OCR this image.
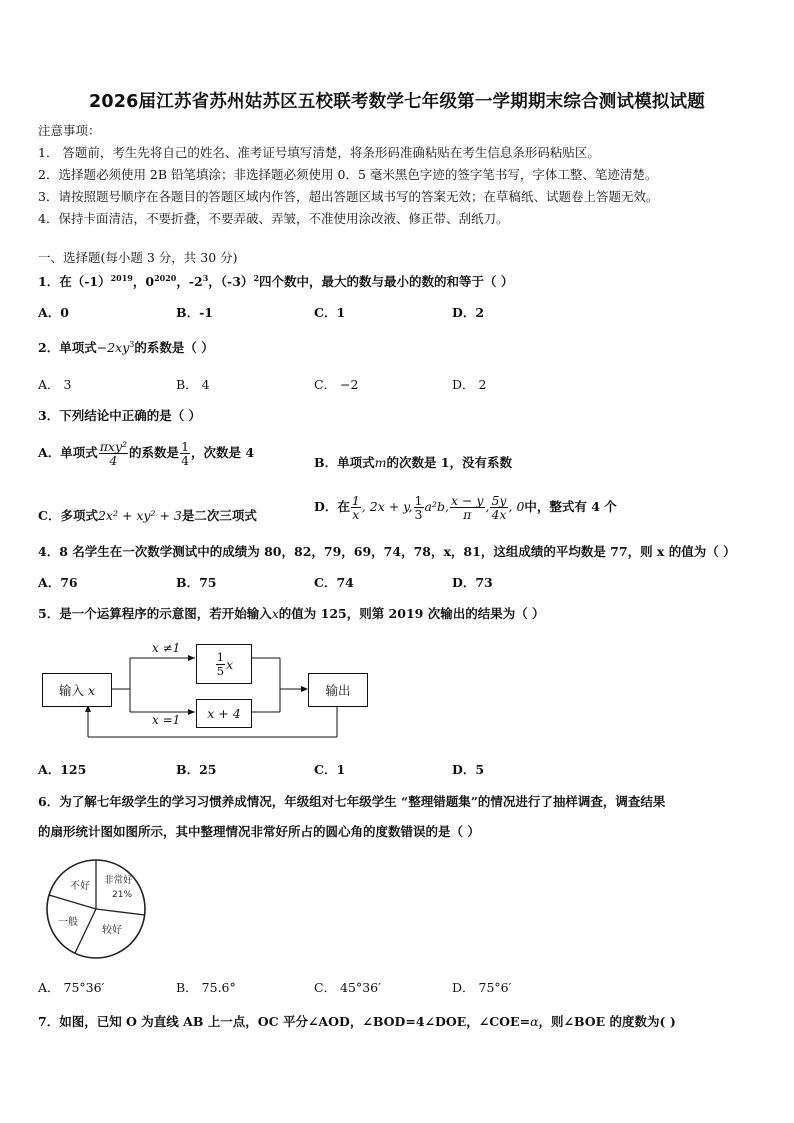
2026届江苏省苏州姑苏区五校联考数学七年级第一学期期末综合测试模拟试题
注意事项：
1． 答题前，考生先将自己的姓名、准考证号填写清楚，将条形码准确粘贴在考生信息条形码粘贴区。
2．选择题必须使用 2B 铅笔填涂；非选择题必须使用 0．5 毫米黑色字迹的签字笔书写，字体工整、笔迹清楚。
3．请按照题号顺序在各题目的答题区域内作答，超出答题区域书写的答案无效；在草稿纸、试题卷上答题无效。
4．保持卡面清洁，不要折叠，不要弄破、弄皱，不准使用涂改液、修正带、刮纸刀。
一、选择题(每小题 3 分，共 30 分)
1．在$(-1)^{2019}$，$0^{2020}$，$-2^3$，$(-3)^2$四个数中，最大的数与最小的数的和等于（ ）
A．0	B．-1	C．1	D．2
2．单项式$-2xy^3$的系数是（ ）
A． 3	B． 4	C． −2	D． 2
3．下列结论中正确的是（ ）
A．单项式 $\frac{\text{πxy²}}{4}$ 的系数是 $\frac{1}{4}$ ，次数是 4
B．单项式m的次数是 1，没有系数
C．多项式2x² + xy² + 3是二次三项式
D．在 $\frac{1}{x}$ , 2x + y, $\frac{1}{3} a^2b$, $\frac{x - y}{\pi}$ , $\frac{5y}{4x}$ , 0中，整式有 4 个
4．8 名学生在一次数学测试中的成绩为 80，82，79，69，74，78，x，81，这组成绩的平均数是 77，则 x 的值为（ ）
A．76	B．75	C．74	D．73
5．是一个运算程序的示意图，若开始输入x的值为 125，则第 2019 次输出的结果为（ ）
输入
x
x ≠1
$\frac{1}{5}$ x
x =1	x + 4
输出
A．125	B．25	C．1	D．5
6．为了解七年级学生的学习习惯养成情况，年级组对七年级学生 “整理错题集”的情况进行了抽样调查，调查结果
的扇形统计图如图所示，其中整理情况非常好所占的圆心角的度数错误的是（ ）
不好
非常好
21%
一般
较好
A． 75°36′	B． 75.6°	C． 45°36′	D． 75°6′
7．如图，已知 O 为直线 AB 上一点，OC 平分∠AOD，∠BOD=4∠DOE，∠COE=α，则∠BOE 的度数为( )
